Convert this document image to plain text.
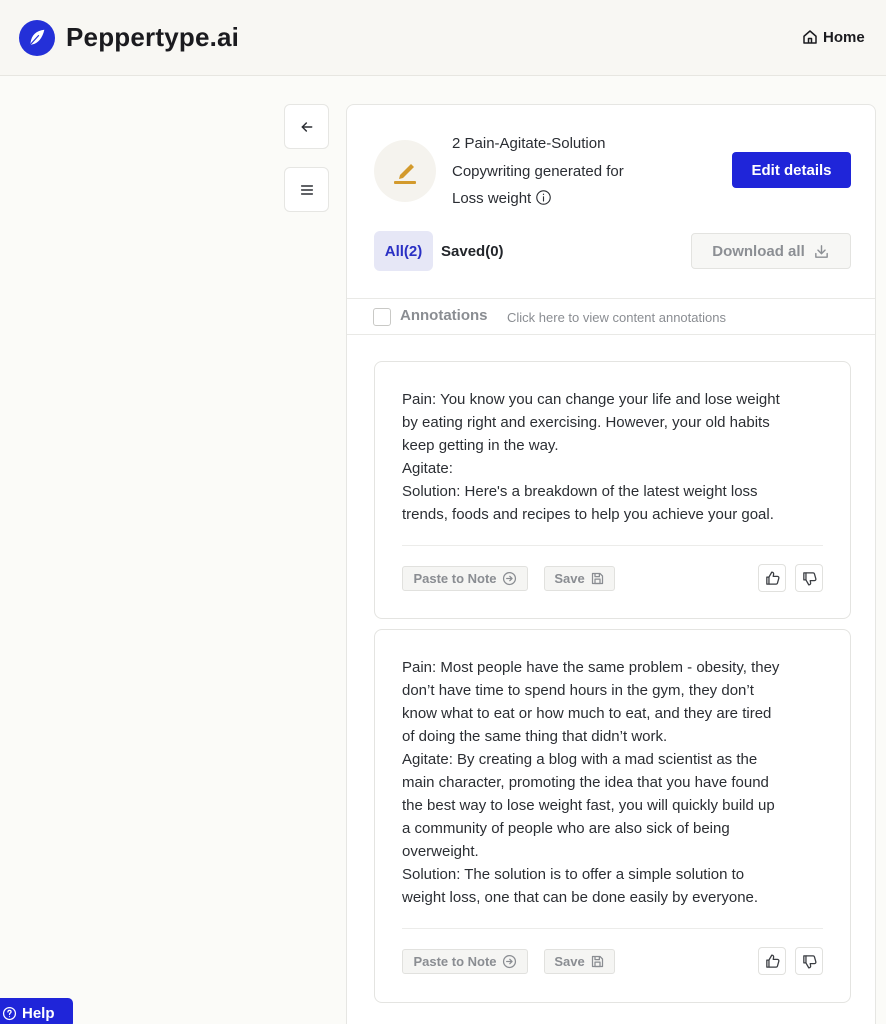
Peppertype.ai	Home
2 Pain-Agitate-Solution
Copywriting generated for
Loss weight
Edit details
All(2)	Saved(0)	Download all
Annotations Click here to view content annotations
Pain: You know you can change your life and lose weight
by eating right and exercising. However, your old habits
keep getting in the way.
Agitate:
Solution: Here's a breakdown of the latest weight loss
trends, foods and recipes to help you achieve your goal.
Paste to Note	Save
Pain: Most people have the same problem - obesity, they
don’t have time to spend hours in the gym, they don’t
know what to eat or how much to eat, and they are tired
of doing the same thing that didn’t work.
Agitate: By creating a blog with a mad scientist as the
main character, promoting the idea that you have found
the best way to lose weight fast, you will quickly build up
a community of people who are also sick of being
overweight.
Solution: The solution is to offer a simple solution to
weight loss, one that can be done easily by everyone.
Paste to Note	Save
Help
